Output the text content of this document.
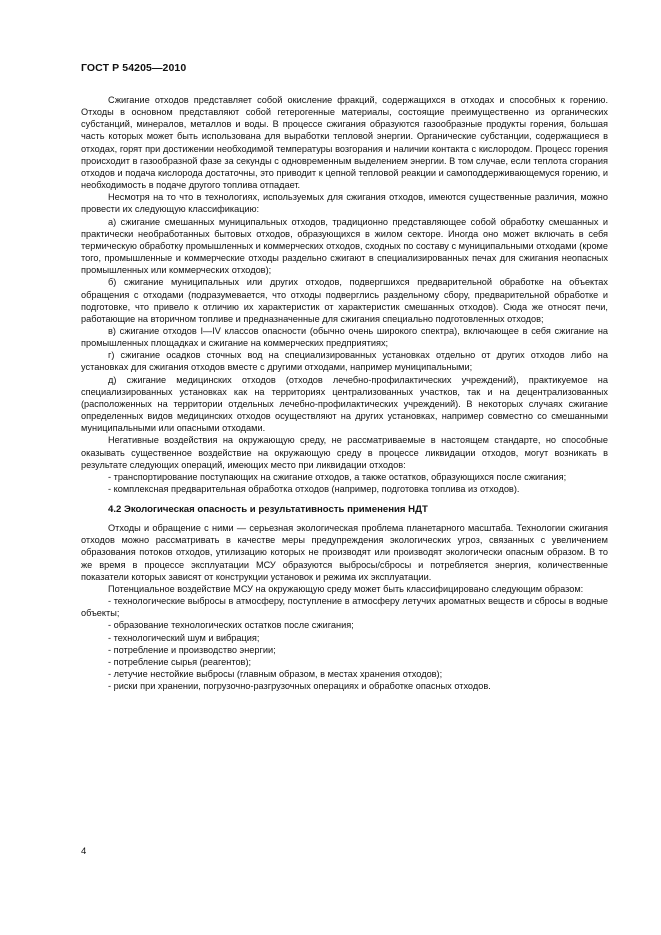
ГОСТ Р 54205—2010

Сжигание отходов представляет собой окисление фракций, содержащихся в отходах и способных к горению. Отходы в основном представляют собой гетерогенные материалы, состоящие преимущественно из органических субстанций, минералов, металлов и воды. В процессе сжигания образуются газообразные продукты горения, большая часть которых может быть использована для выработки тепловой энергии. Органические субстанции, содержащиеся в отходах, горят при достижении необходимой температуры возгорания и наличии контакта с кислородом. Процесс горения происходит в газообразной фазе за секунды с одновременным выделением энергии. В том случае, если теплота сгорания отходов и подача кислорода достаточны, это приводит к цепной тепловой реакции и самоподдерживающемуся горению, и необходимость в подаче другого топлива отпадает.

Несмотря на то что в технологиях, используемых для сжигания отходов, имеются существенные различия, можно провести их следующую классификацию:

а) сжигание смешанных муниципальных отходов, традиционно представляющее собой обработку смешанных и практически необработанных бытовых отходов, образующихся в жилом секторе. Иногда оно может включать в себя термическую обработку промышленных и коммерческих отходов, сходных по составу с муниципальными отходами (кроме того, промышленные и коммерческие отходы раздельно сжигают в специализированных печах для сжигания неопасных промышленных или коммерческих отходов);

б) сжигание муниципальных или других отходов, подвергшихся предварительной обработке на объектах обращения с отходами (подразумевается, что отходы подверглись раздельному сбору, предварительной обработке и подготовке, что привело к отличию их характеристик от характеристик смешанных отходов). Сюда же относят печи, работающие на вторичном топливе и предназначенные для сжигания специально подготовленных отходов;

в) сжигание отходов I—IV классов опасности (обычно очень широкого спектра), включающее в себя сжигание на промышленных площадках и сжигание на коммерческих предприятиях;

г) сжигание осадков сточных вод на специализированных установках отдельно от других отходов либо на установках для сжигания отходов вместе с другими отходами, например муниципальными;

д) сжигание медицинских отходов (отходов лечебно-профилактических учреждений), практикуемое на специализированных установках как на территориях централизованных участков, так и на децентрализованных (расположенных на территории отдельных лечебно-профилактических учреждений). В некоторых случаях сжигание определенных видов медицинских отходов осуществляют на других установках, например совместно со смешанными муниципальными или опасными отходами.

Негативные воздействия на окружающую среду, не рассматриваемые в настоящем стандарте, но способные оказывать существенное воздействие на окружающую среду в процессе ликвидации отходов, могут возникать в результате следующих операций, имеющих место при ликвидации отходов:

- транспортирование поступающих на сжигание отходов, а также остатков, образующихся после сжигания;

- комплексная предварительная обработка отходов (например, подготовка топлива из отходов).

4.2 Экологическая опасность и результативность применения НДТ

Отходы и обращение с ними — серьезная экологическая проблема планетарного масштаба. Технологии сжигания отходов можно рассматривать в качестве меры предупреждения экологических угроз, связанных с увеличением образования потоков отходов, утилизацию которых не производят или производят экологически опасным образом. В то же время в процессе эксплуатации МСУ образуются выбросы/сбросы и потребляется энергия, количественные показатели которых зависят от конструкции установок и режима их эксплуатации.

Потенциальное воздействие МСУ на окружающую среду может быть классифицировано следующим образом:

- технологические выбросы в атмосферу, поступление в атмосферу летучих ароматных веществ и сбросы в водные объекты;

- образование технологических остатков после сжигания;

- технологический шум и вибрация;

- потребление и производство энергии;

- потребление сырья (реагентов);

- летучие нестойкие выбросы (главным образом, в местах хранения отходов);

- риски при хранении, погрузочно-разгрузочных операциях и обработке опасных отходов.

4
